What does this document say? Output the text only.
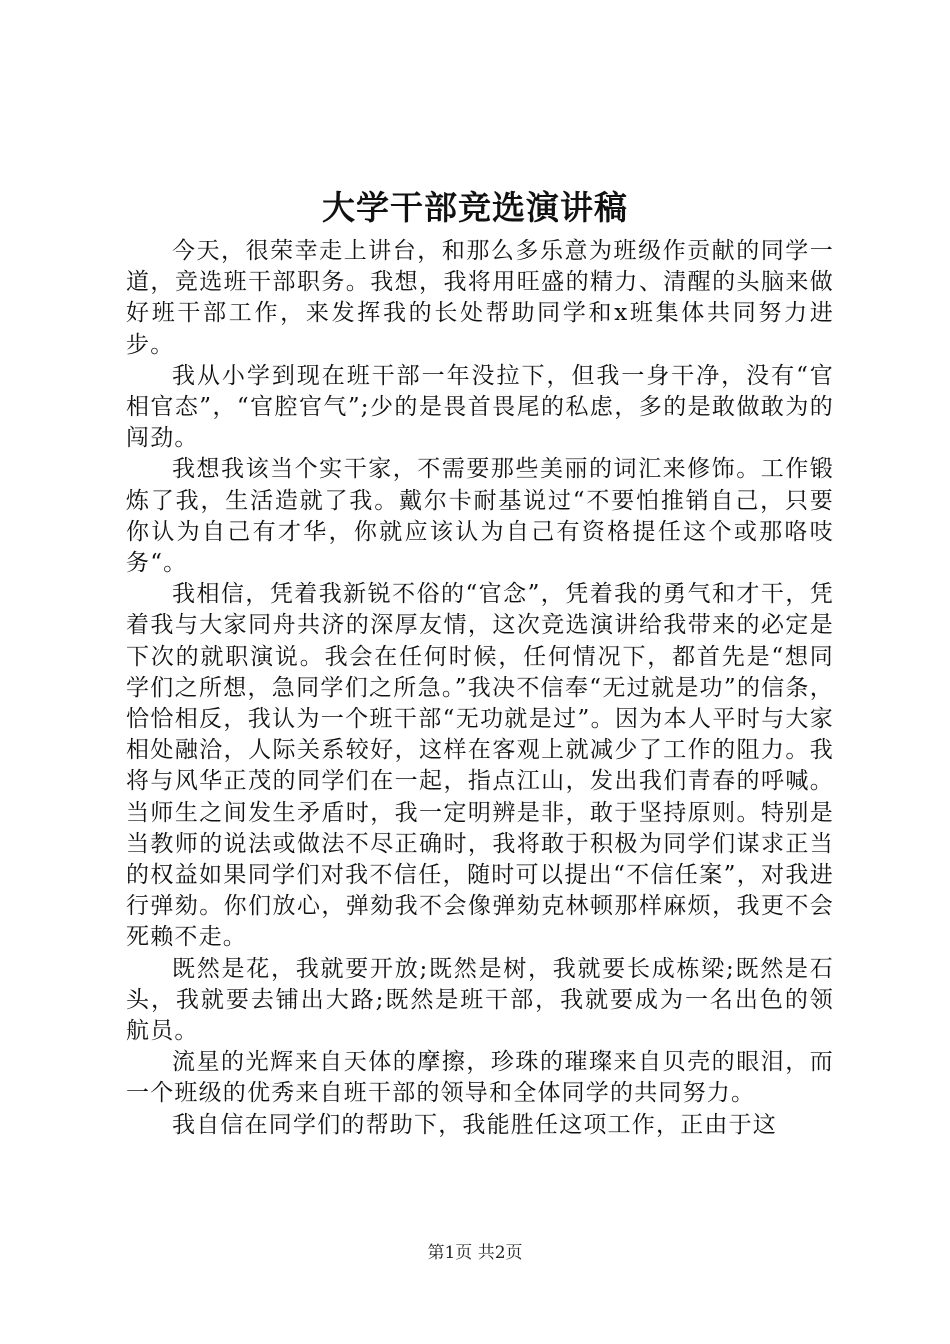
大学干部竞选演讲稿

今天，很荣幸走上讲台，和那么多乐意为班级作贡献的同学一道，竞选班干部职务。我想，我将用旺盛的精力、清醒的头脑来做好班干部工作，来发挥我的长处帮助同学和x班集体共同努力进步。

我从小学到现在班干部一年没拉下，但我一身干净，没有“官相官态”，“官腔官气”;少的是畏首畏尾的私虑，多的是敢做敢为的闯劲。

我想我该当个实干家，不需要那些美丽的词汇来修饰。工作锻炼了我，生活造就了我。戴尔卡耐基说过“不要怕推销自己，只要你认为自己有才华，你就应该认为自己有资格提任这个或那咯吱务“。

我相信，凭着我新锐不俗的“官念”，凭着我的勇气和才干，凭着我与大家同舟共济的深厚友情，这次竞选演讲给我带来的必定是下次的就职演说。我会在任何时候，任何情况下，都首先是“想同学们之所想，急同学们之所急。”我决不信奉“无过就是功”的信条，恰恰相反，我认为一个班干部“无功就是过”。因为本人平时与大家相处融洽，人际关系较好，这样在客观上就减少了工作的阻力。我将与风华正茂的同学们在一起，指点江山，发出我们青春的呼喊。当师生之间发生矛盾时，我一定明辨是非，敢于坚持原则。特别是当教师的说法或做法不尽正确时，我将敢于积极为同学们谋求正当的权益如果同学们对我不信任，随时可以提出“不信任案”，对我进行弹劾。你们放心，弹劾我不会像弹劾克林顿那样麻烦，我更不会死赖不走。

既然是花，我就要开放;既然是树，我就要长成栋梁;既然是石头，我就要去铺出大路;既然是班干部，我就要成为一名出色的领航员。

流星的光辉来自天体的摩擦，珍珠的璀璨来自贝壳的眼泪，而一个班级的优秀来自班干部的领导和全体同学的共同努力。

我自信在同学们的帮助下，我能胜任这项工作，正由于这

第1页 共2页
